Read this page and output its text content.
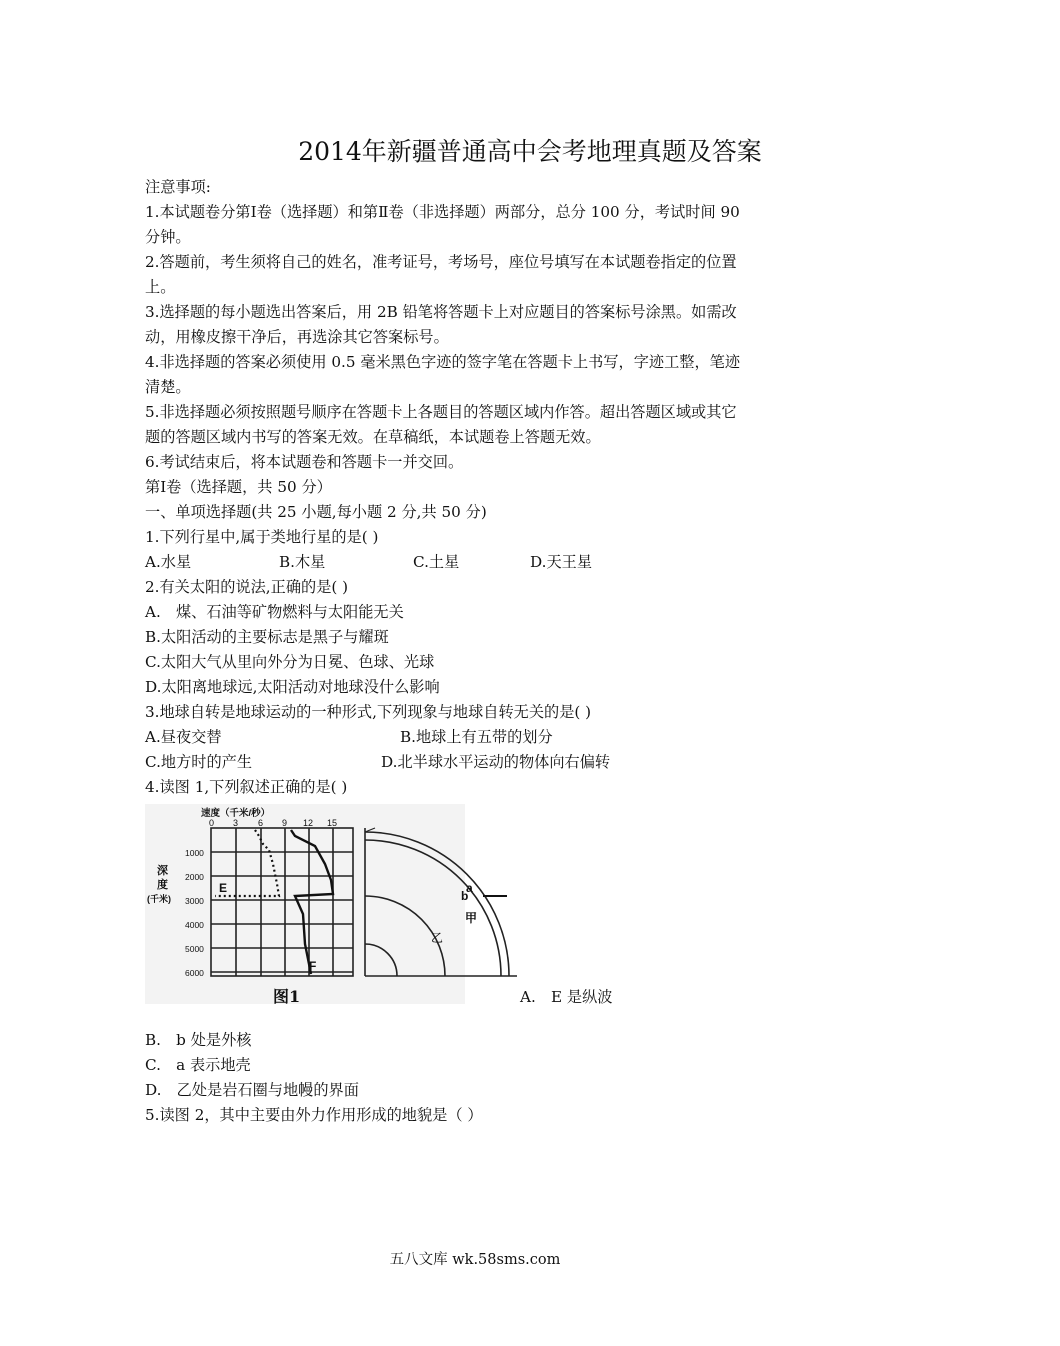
2014年新疆普通高中会考地理真题及答案
注意事项:
1.本试题卷分第Ⅰ卷（选择题）和第Ⅱ卷（非选择题）两部分，总分 100 分，考试时间 90
分钟。
2.答题前，考生须将自己的姓名，准考证号，考场号，座位号填写在本试题卷指定的位置
上。
3.选择题的每小题选出答案后，用 2B 铅笔将答题卡上对应题目的答案标号涂黑。如需改
动，用橡皮擦干净后，再选涂其它答案标号。
4.非选择题的答案必须使用 0.5 毫米黑色字迹的签字笔在答题卡上书写，字迹工整，笔迹
清楚。
5.非选择题必须按照题号顺序在答题卡上各题目的答题区域内作答。超出答题区域或其它
题的答题区域内书写的答案无效。在草稿纸，本试题卷上答题无效。
6.考试结束后，将本试题卷和答题卡一并交回。
第Ⅰ卷（选择题，共 50 分）
一、单项选择题(共 25 小题,每小题 2 分,共 50 分)
1.下列行星中,属于类地行星的是( )
A.水星	B.木星	C.土星	D.天王星
2.有关太阳的说法,正确的是( )
A.　煤、石油等矿物燃料与太阳能无关
B.太阳活动的主要标志是黑子与耀斑
C.太阳大气从里向外分为日冕、色球、光球
D.太阳离地球远,太阳活动对地球没什么影响
3.地球自转是地球运动的一种形式,下列现象与地球自转无关的是( )
A.昼夜交替	B.地球上有五带的划分
C.地方时的产生	D.北半球水平运动的物体向右偏转
4.读图 1,下列叙述正确的是( )
速度（千米/秒）
0 3 6 9 12 15
1000
2000
3000
4000
5000
6000
深
度
(千米)
E
F
b
甲
乙
图1
a
A.　E 是纵波
B.　b 处是外核
C.　a 表示地壳
D.　乙处是岩石圈与地幔的界面
5.读图 2，其中主要由外力作用形成的地貌是（ ）
五八文库 wk.58sms.com
